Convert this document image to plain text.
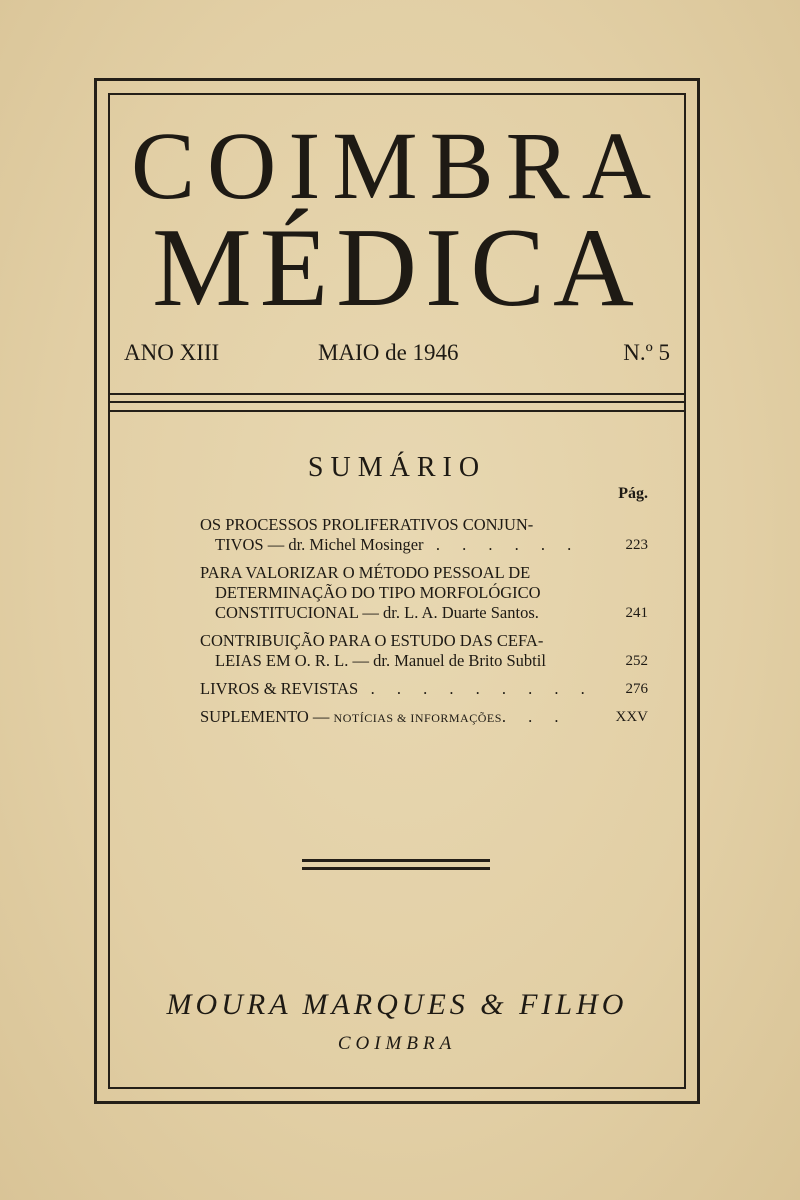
COIMBRA
MÉDICA
ANO XIII	MAIO de 1946	N.º 5
SUMÁRIO
Pág.
OS PROCESSOS PROLIFERATIVOS CONJUN-
TIVOS — dr. Michel Mosinger . . . . . .	223
PARA VALORIZAR O MÉTODO PESSOAL DE
DETERMINAÇÃO DO TIPO MORFOLÓGICO
CONSTITUCIONAL — dr. L. A. Duarte Santos.	241
CONTRIBUIÇÃO PARA O ESTUDO DAS CEFA-
LEIAS EM O. R. L. — dr. Manuel de Brito Subtil	252
LIVROS & REVISTAS . . . . . . . . .	276
SUPLEMENTO — NOTÍCIAS & INFORMAÇÕES. . .	XXV
MOURA MARQUES & FILHO
COIMBRA
